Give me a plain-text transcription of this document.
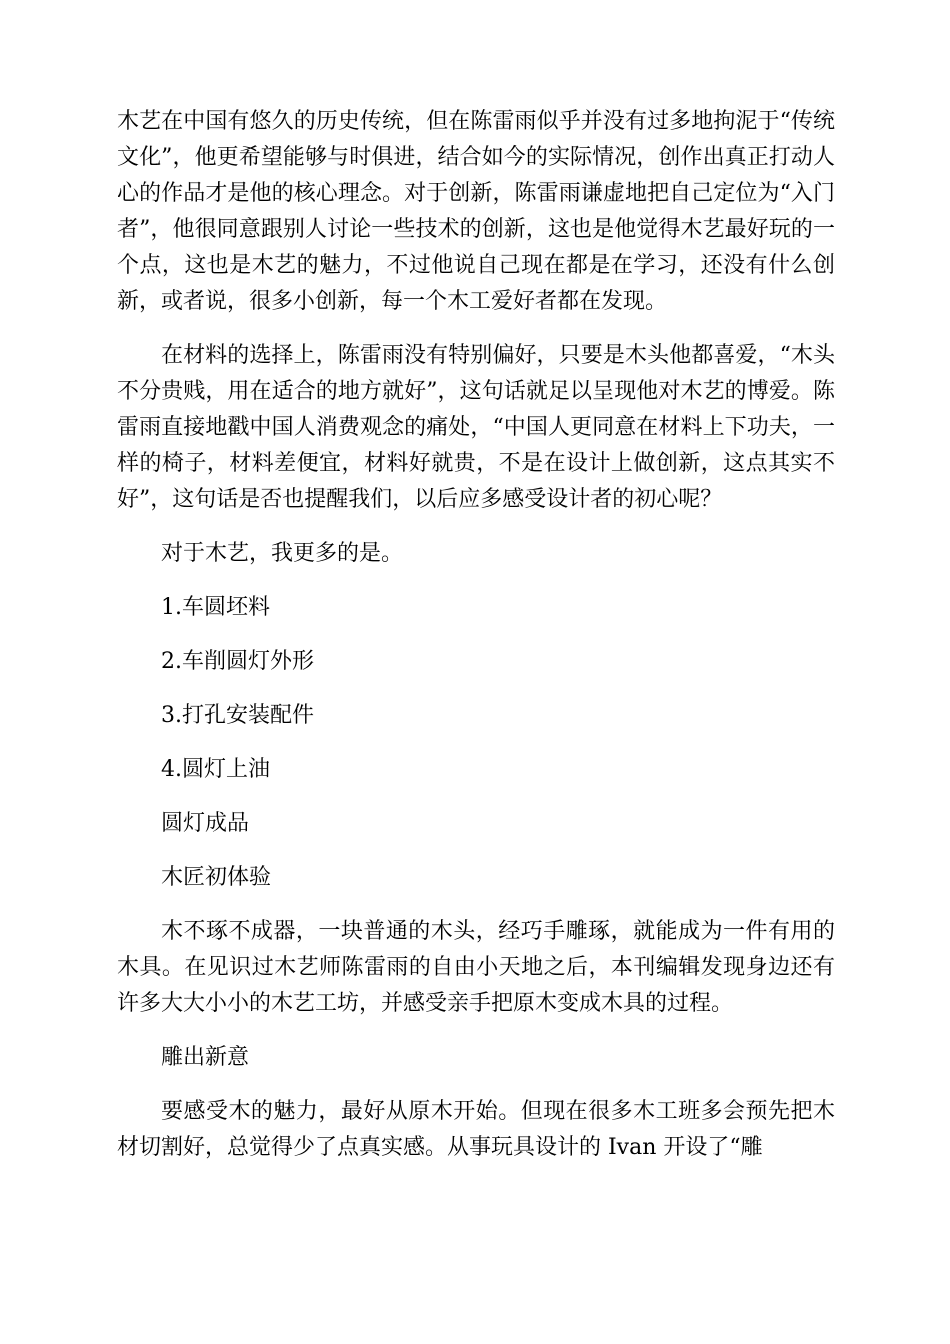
木艺在中国有悠久的历史传统，但在陈雷雨似乎并没有过多地拘泥于“传统文化”，他更希望能够与时俱进，结合如今的实际情况，创作出真正打动人心的作品才是他的核心理念。对于创新，陈雷雨谦虚地把自己定位为“入门者”，他很同意跟别人讨论一些技术的创新，这也是他觉得木艺最好玩的一个点，这也是木艺的魅力，不过他说自己现在都是在学习，还没有什么创新，或者说，很多小创新，每一个木工爱好者都在发现。

在材料的选择上，陈雷雨没有特别偏好，只要是木头他都喜爱，“木头不分贵贱，用在适合的地方就好”，这句话就足以呈现他对木艺的博爱。陈雷雨直接地戳中国人消费观念的痛处，“中国人更同意在材料上下功夫，一样的椅子，材料差便宜，材料好就贵，不是在设计上做创新，这点其实不好”，这句话是否也提醒我们，以后应多感受设计者的初心呢？

对于木艺，我更多的是。

1.车圆坯料

2.车削圆灯外形

3.打孔安装配件

4.圆灯上油

圆灯成品

木匠初体验

木不琢不成器，一块普通的木头，经巧手雕琢，就能成为一件有用的木具。在见识过木艺师陈雷雨的自由小天地之后，本刊编辑发现身边还有许多大大小小的木艺工坊，并感受亲手把原木变成木具的过程。

雕出新意

要感受木的魅力，最好从原木开始。但现在很多木工班多会预先把木材切割好，总觉得少了点真实感。从事玩具设计的 Ivan 开设了“雕
